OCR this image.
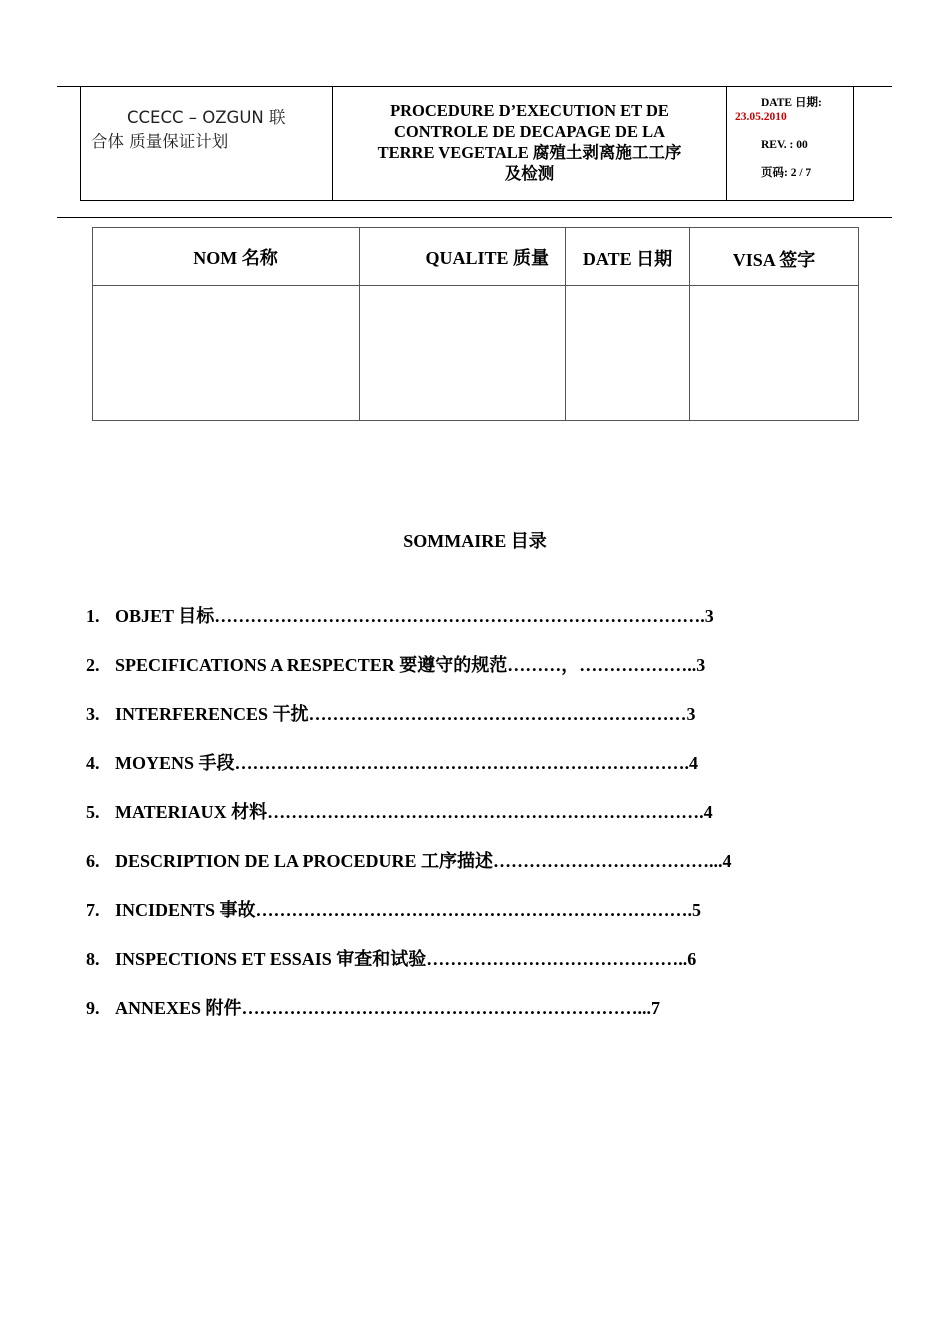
CCECC – OZGUN 联
合体 质量保证计划
PROCEDURE D’EXECUTION ET DE
CONTROLE DE DECAPAGE DE LA
TERRE VEGETALE 腐殖土剥离施工工序
及检测
DATE 日期:
23.05.2010
REV. : 00
页码: 2 / 7
NOM 名称	QUALITE 质量	DATE 日期	VISA 签字

SOMMAIRE 目录
1. OBJET 目标……………………………………………………………………….3
2. SPECIFICATIONS A RESPECTER 要遵守的规范………，………………..3
3. INTERFERENCES 干扰………………………………………………………3
4. MOYENS 手段………………………………………………………………….4
5. MATERIAUX 材料……………………………………………………………….4
6. DESCRIPTION DE LA PROCEDURE 工序描述………………………………...4
7. INCIDENTS 事故……………………………………………………………….5
8. INSPECTIONS ET ESSAIS 审查和试验……………………………………..6
9. ANNEXES 附件…………………………………………………………...7
